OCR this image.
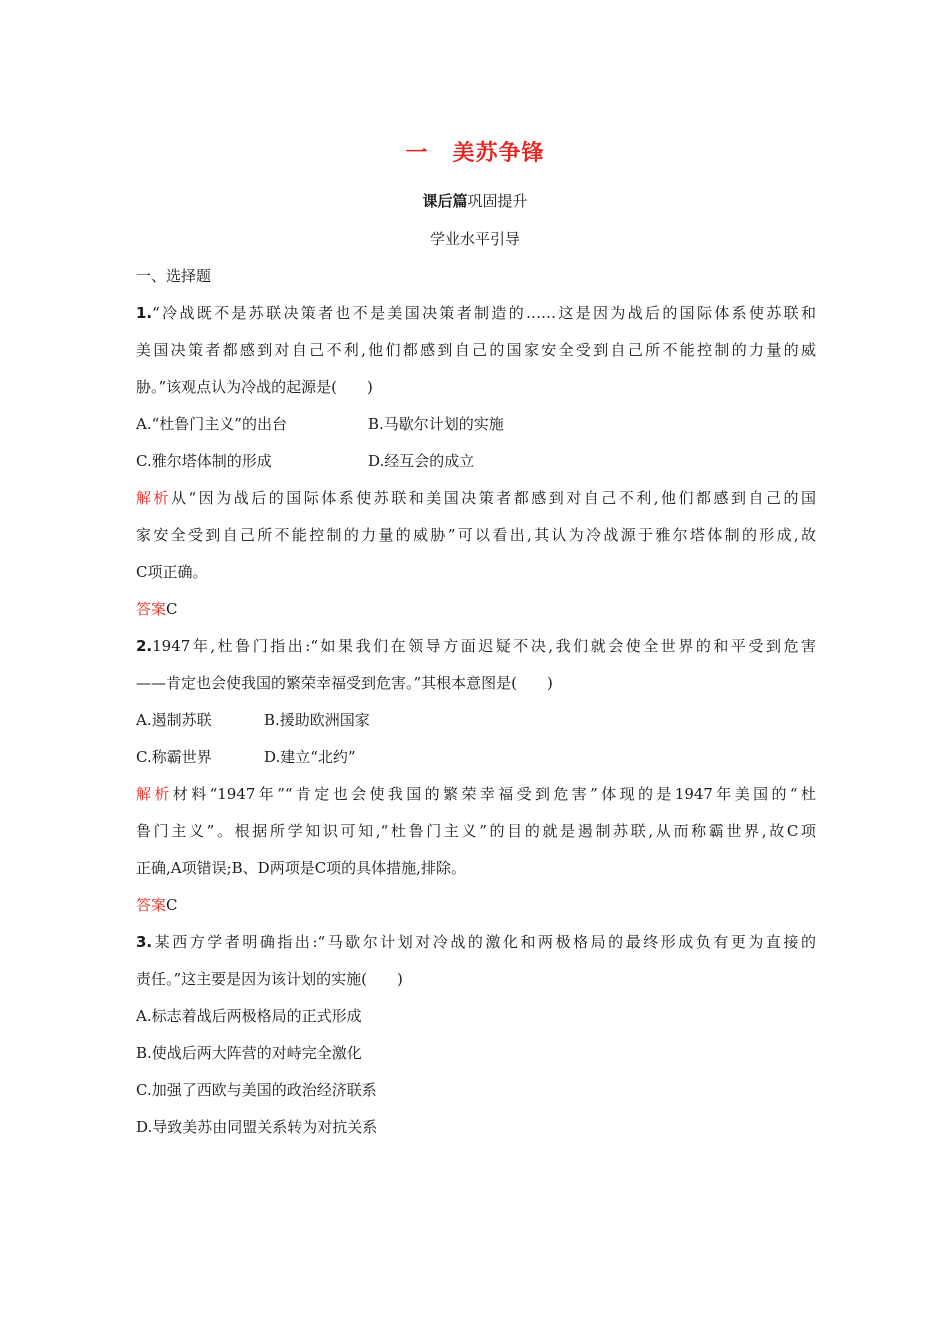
一 美苏争锋
课后篇巩固提升
学业水平引导
一、选择题
1.“冷战既不是苏联决策者也不是美国决策者制造的……这是因为战后的国际体系使苏联和
美国决策者都感到对自己不利,他们都感到自己的国家安全受到自己所不能控制的力量的威
胁。”该观点认为冷战的起源是(　　)
A.“杜鲁门主义”的出台	B.马歇尔计划的实施
C.雅尔塔体制的形成	D.经互会的成立
解析从“因为战后的国际体系使苏联和美国决策者都感到对自己不利,他们都感到自己的国
家安全受到自己所不能控制的力量的威胁”可以看出,其认为冷战源于雅尔塔体制的形成,故
C项正确。
答案C
2.1947年,杜鲁门指出:“如果我们在领导方面迟疑不决,我们就会使全世界的和平受到危害
——肯定也会使我国的繁荣幸福受到危害。”其根本意图是(　　)
A.遏制苏联	B.援助欧洲国家
C.称霸世界	D.建立“北约”
解析材料“1947年”“肯定也会使我国的繁荣幸福受到危害”体现的是1947年美国的“杜
鲁门主义”。根据所学知识可知,“杜鲁门主义”的目的就是遏制苏联,从而称霸世界,故C项
正确,A项错误;B、D两项是C项的具体措施,排除。
答案C
3.某西方学者明确指出:“马歇尔计划对冷战的激化和两极格局的最终形成负有更为直接的
责任。”这主要是因为该计划的实施(　　)
A.标志着战后两极格局的正式形成
B.使战后两大阵营的对峙完全激化
C.加强了西欧与美国的政治经济联系
D.导致美苏由同盟关系转为对抗关系
